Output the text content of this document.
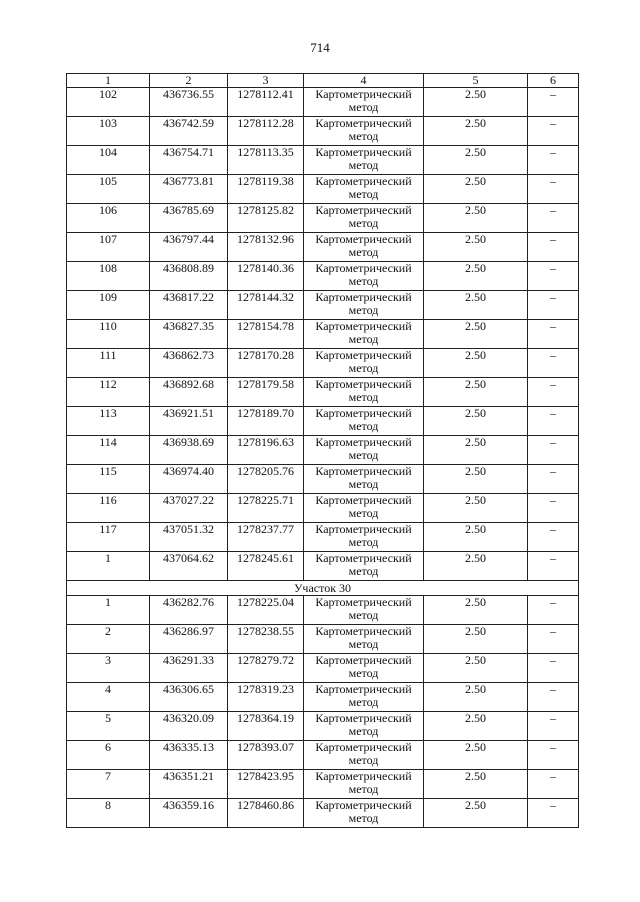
714
1	2	3	4	5	6
102	436736.55	1278112.41	Картометрический метод	2.50	–
103	436742.59	1278112.28	Картометрический метод	2.50	–
104	436754.71	1278113.35	Картометрический метод	2.50	–
105	436773.81	1278119.38	Картометрический метод	2.50	–
106	436785.69	1278125.82	Картометрический метод	2.50	–
107	436797.44	1278132.96	Картометрический метод	2.50	–
108	436808.89	1278140.36	Картометрический метод	2.50	–
109	436817.22	1278144.32	Картометрический метод	2.50	–
110	436827.35	1278154.78	Картометрический метод	2.50	–
111	436862.73	1278170.28	Картометрический метод	2.50	–
112	436892.68	1278179.58	Картометрический метод	2.50	–
113	436921.51	1278189.70	Картометрический метод	2.50	–
114	436938.69	1278196.63	Картометрический метод	2.50	–
115	436974.40	1278205.76	Картометрический метод	2.50	–
116	437027.22	1278225.71	Картометрический метод	2.50	–
117	437051.32	1278237.77	Картометрический метод	2.50	–
1	437064.62	1278245.61	Картометрический метод	2.50	–
Участок 30					
1	436282.76	1278225.04	Картометрический метод	2.50	–
2	436286.97	1278238.55	Картометрический метод	2.50	–
3	436291.33	1278279.72	Картометрический метод	2.50	–
4	436306.65	1278319.23	Картометрический метод	2.50	–
5	436320.09	1278364.19	Картометрический метод	2.50	–
6	436335.13	1278393.07	Картометрический метод	2.50	–
7	436351.21	1278423.95	Картометрический метод	2.50	–
8	436359.16	1278460.86	Картометрический метод	2.50	–
